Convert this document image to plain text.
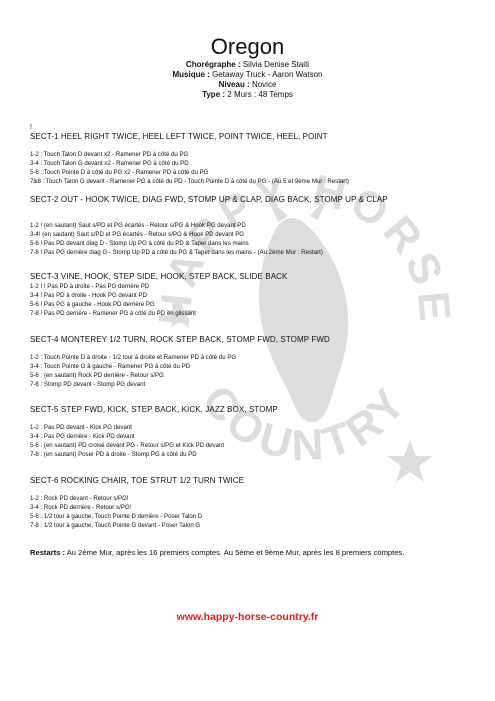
HAPPY HORSE
COUNTRY
Oregon
Chorégraphe : Silvia Denise Staiti
Musique : Getaway Truck - Aaron Watson
Niveau : Novice
Type : 2 Murs : 48 Temps
!
SECT-1 HEEL RIGHT TWICE, HEEL LEFT TWICE, POINT TWICE, HEEL, POINT
1-2 : Touch Talon D devant x2 - Ramener PD à côté du PG
3-4 : Touch Talon G devant x2 - Ramener PG à côté du PD
5-6 : Touch Pointe D à côté du PG x2 - Ramener PD à côté du PG
7&8 : Touch Talon G devant - Ramener PG à côté du PD - Touch Pointe D à côté du PG - (Au 5 et 9ème Mur : Restart)
SECT-2 OUT - HOOK TWICE, DIAG FWD, STOMP UP & CLAP, DIAG BACK, STOMP UP & CLAP
1-2 ! (en sautant) Saut s/PD et PG écartés - Retour s/PG & Hook PG devant PD
3-4! (en sautant) Saut s/PD et PG écartés - Retour s/PG & Hook PD devant PG
5-6 ! Pas PD devant diag D - Stomp Up PG à côté du PD & Taper dans les mains
7-8 ! Pas PG derrière diag G - Stomp Up PD à côté du PG & Taper dans les mains - (Au 2ème Mur : Restart)
SECT-3 VINE, HOOK, STEP SIDE, HOOK, STEP BACK, SLIDE BACK
1-2 ! ! Pas PD à droite - Pas PG derrière PD
3-4 ! Pas PD à droite - Hook PG devant PD
5-6 ! Pas PG à gauche - Hook PD derrière PG
7-8 ! Pas PD derrière - Ramener PG à côté du PD en glissant
SECT-4 MONTEREY 1/2 TURN, ROCK STEP BACK, STOMP FWD, STOMP FWD
1-2 : Touch Pointe D à droite - 1/2 tour à droite et Ramener PD à côté du PG
3-4 : Touch Pointe G à gauche - Ramener PG à côté du PD
5-6 : (en sautant) Rock PD derrière - Retour s/PG
7-8 : Stomp PD devant - Stomp PG devant
SECT-5 STEP FWD, KICK, STEP BACK, KICK, JAZZ BOX, STOMP
1-2 : Pas PD devant - Kick PG devant
3-4 : Pas PG derrière - Kick PD devant
5-6 : (en sautant) PD croisé devant PG - Retour s/PG et Kick PD devant
7-8 : (en sautant) Poser PD à droite - Stomp PG à côté du PD
SECT-6 ROCKING CHAIR, TOE STRUT 1/2 TURN TWICE
1-2 : Rock PD devant - Retour s/PG!
3-4 : Rock PD derrière - Retour s/PG!
5-6 : 1/2 tour à gauche, Touch Pointe D derrière - Poser Talon D
7-8 : 1/2 tour à gauche, Touch Pointe G devant - Poser Talon G
Restarts : Au 2ème Mur, après les 16 premiers comptes. Au 5ème et 9ème Mur, après les 8 premiers comptes.
www.happy-horse-country.fr
